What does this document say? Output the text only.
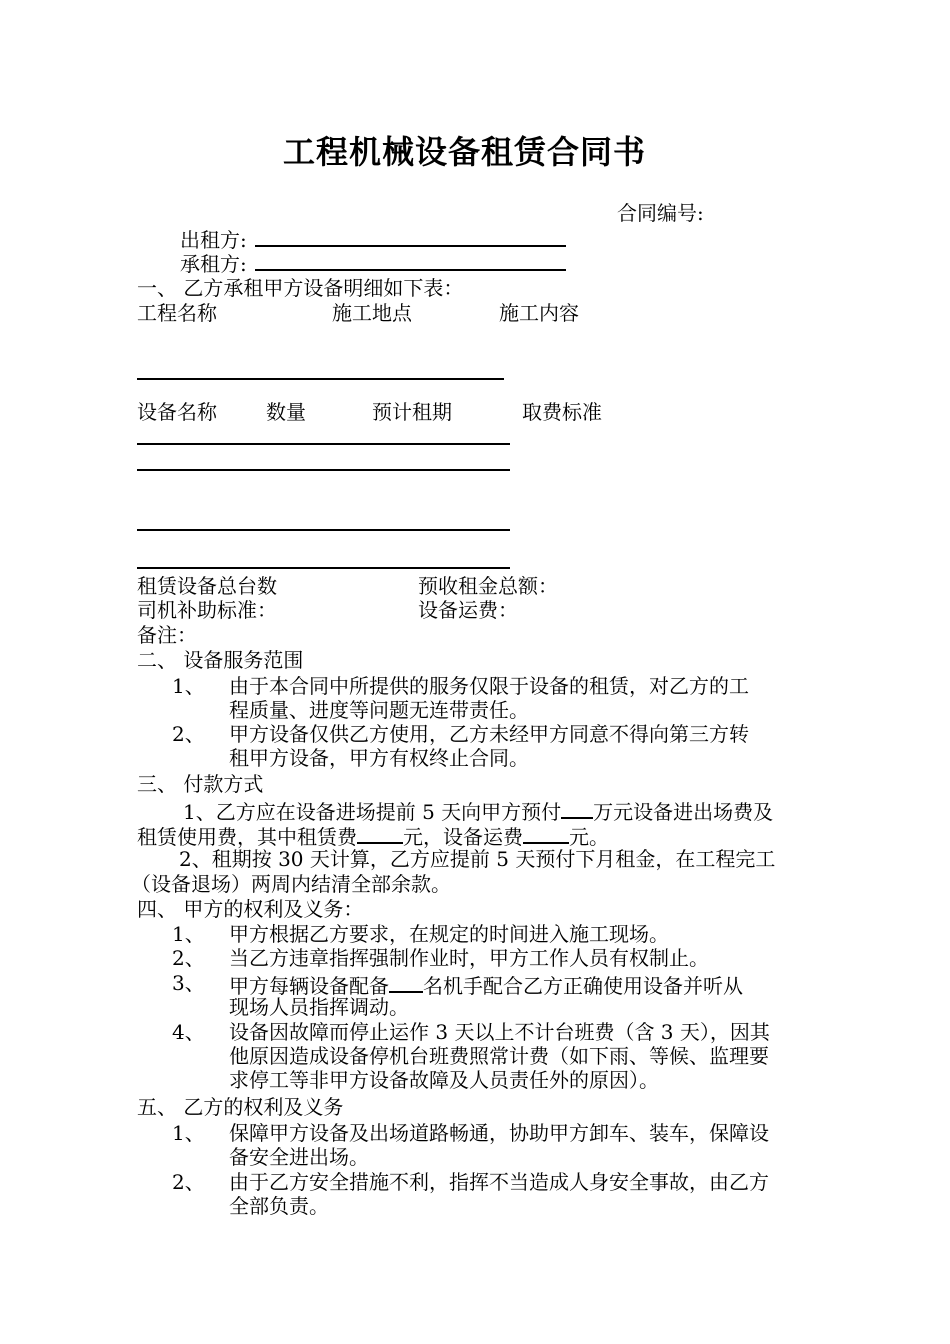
工程机械设备租赁合同书
合同编号:
出租方:
承租方:
一、 乙方承租甲方设备明细如下表：
工程名称	施工地点	施工内容
设备名称 数量	预计租期	取费标准
租赁设备总台数	预收租金总额：
司机补助标准：	设备运费：
备注：
二、 设备服务范围
1、 由于本合同中所提供的服务仅限于设备的租赁，对乙方的工
程质量、进度等问题无连带责任。
2、 甲方设备仅供乙方使用，乙方未经甲方同意不得向第三方转
租甲方设备，甲方有权终止合同。
三、 付款方式
1、乙方应在设备进场提前 5 天向甲方预付 万元设备进出场费及
租赁使用费，其中租赁费 元，设备运费 元。
2、租期按 30 天计算，乙方应提前 5 天预付下月租金，在工程完工
（设备退场）两周内结清全部余款。
四、 甲方的权利及义务：
1、 甲方根据乙方要求，在规定的时间进入施工现场。
2、 当乙方违章指挥强制作业时，甲方工作人员有权制止。
3、 甲方每辆设备配备 名机手配合乙方正确使用设备并听从
现场人员指挥调动。
4、 设备因故障而停止运作 3 天以上不计台班费（含 3 天），因其
他原因造成设备停机台班费照常计费（如下雨、等候、监理要
求停工等非甲方设备故障及人员责任外的原因）。
五、 乙方的权利及义务
1、 保障甲方设备及出场道路畅通，协助甲方卸车、装车，保障设
备安全进出场。
2、 由于乙方安全措施不利，指挥不当造成人身安全事故，由乙方
全部负责。
